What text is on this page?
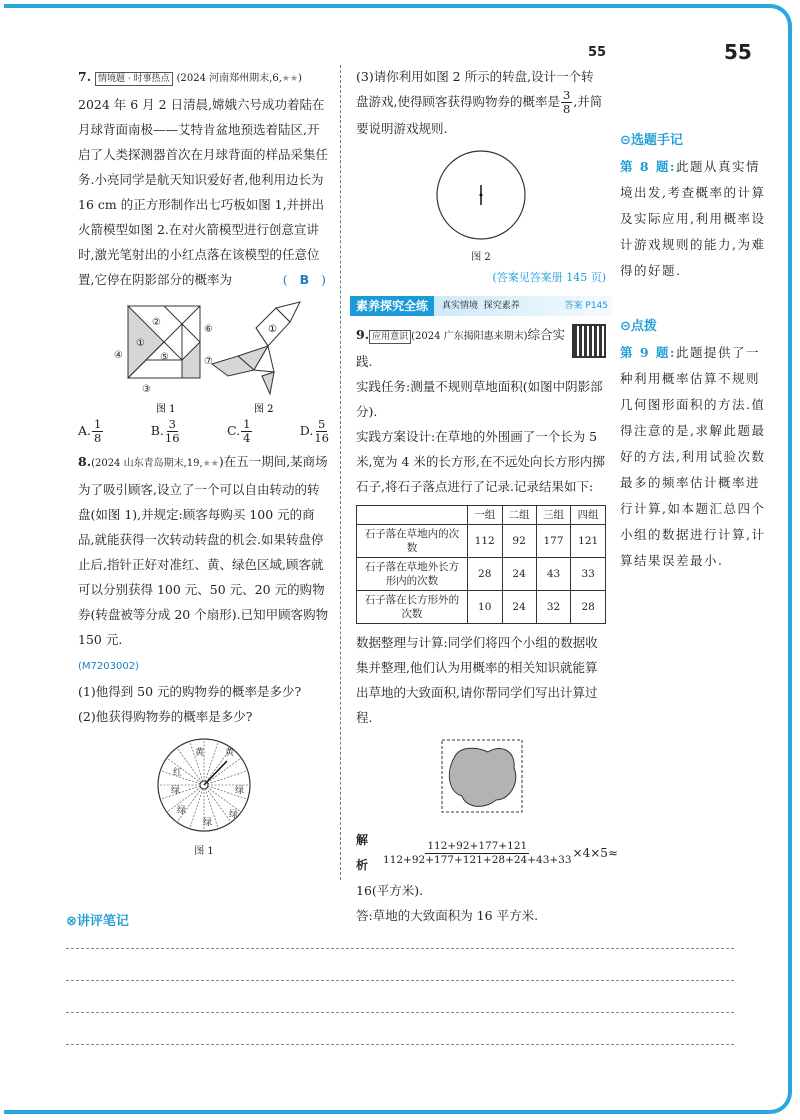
55	55

7. 情境题 · 时事热点 (2024 河南郑州期末,6,★★) 2024 年 6 月 2 日清晨,嫦娥六号成功着陆在月球背面南极——艾特肯盆地预选着陆区,开启了人类探测器首次在月球背面的样品采集任务.小亮同学是航天知识爱好者,他利用边长为 16 cm 的正方形制作出七巧板如图 1,并拼出火箭模型如图 2.在对火箭模型进行创意宣讲时,激光笔射出的小红点落在该模型的任意位置,它停在阴影部分的概率为	( B )

②
①
⑤
④
⑥
⑦
③
图 1
①
图 2
A. $\frac{1}{8}$	B. $\frac{3}{16}$	C. $\frac{1}{4}$	D. $\frac{5}{16}$

8.(2024 山东青岛期末,19,★★)在五一期间,某商场为了吸引顾客,设立了一个可以自由转动的转盘(如图 1),并规定:顾客每购买 100 元的商品,就能获得一次转动转盘的机会.如果转盘停止后,指针正好对准红、黄、绿色区域,顾客就可以分别获得 100 元、50 元、20 元的购物券(转盘被等分成 20 个扇形).已知甲顾客购物 150 元.

(M7203002)

(1)他得到 50 元的购物券的概率是多少?

(2)他获得购物券的概率是多少?

红
黄 黄
绿
绿
绿
绿
绿
图 1

(3)请你利用如图 2 所示的转盘,设计一个转盘游戏,使得顾客获得购物券的概率是 $\frac{3}{8}$ ,并简要说明游戏规则.

图 2

(答案见答案册 145 页)

素养探究全练	真实情境 探究素养	答案 P145

9. 应用意识 (2024 广东揭阳惠来期末)综合实践.

实践任务:测量不规则草地面积(如图中阴影部分).

实践方案设计:在草地的外围画了一个长为 5 米,宽为 4 米的长方形,在不远处向长方形内掷石子,将石子落点进行了记录.记录结果如下:

	一组	二组	三组	四组
石子落在草地内的次数	112	92	177	121
石子落在草地外长方形内的次数	28	24	43	33
石子落在长方形外的次数	10	24	32	28

数据整理与计算:同学们将四个小组的数据收集并整理,他们认为用概率的相关知识就能算出草地的大致面积,请你帮同学们写出计算过程.

解析 $\frac{112+92+177+121}{112+92+177+121+28+24+43+33} \times 4\times 5\approx$

16(平方米).

答:草地的大致面积为 16 平方米.

⊝选题手记

第 8 题:此题从真实情境出发,考查概率的计算及实际应用,利用概率设计游戏规则的能力,为难得的好题.

⊝点拨

第 9 题:此题提供了一种利用概率估算不规则几何图形面积的方法.值得注意的是,求解此题最好的方法,利用试验次数最多的频率估计概率进行计算,如本题汇总四个小组的数据进行计算,计算结果误差最小.

⊗讲评笔记
